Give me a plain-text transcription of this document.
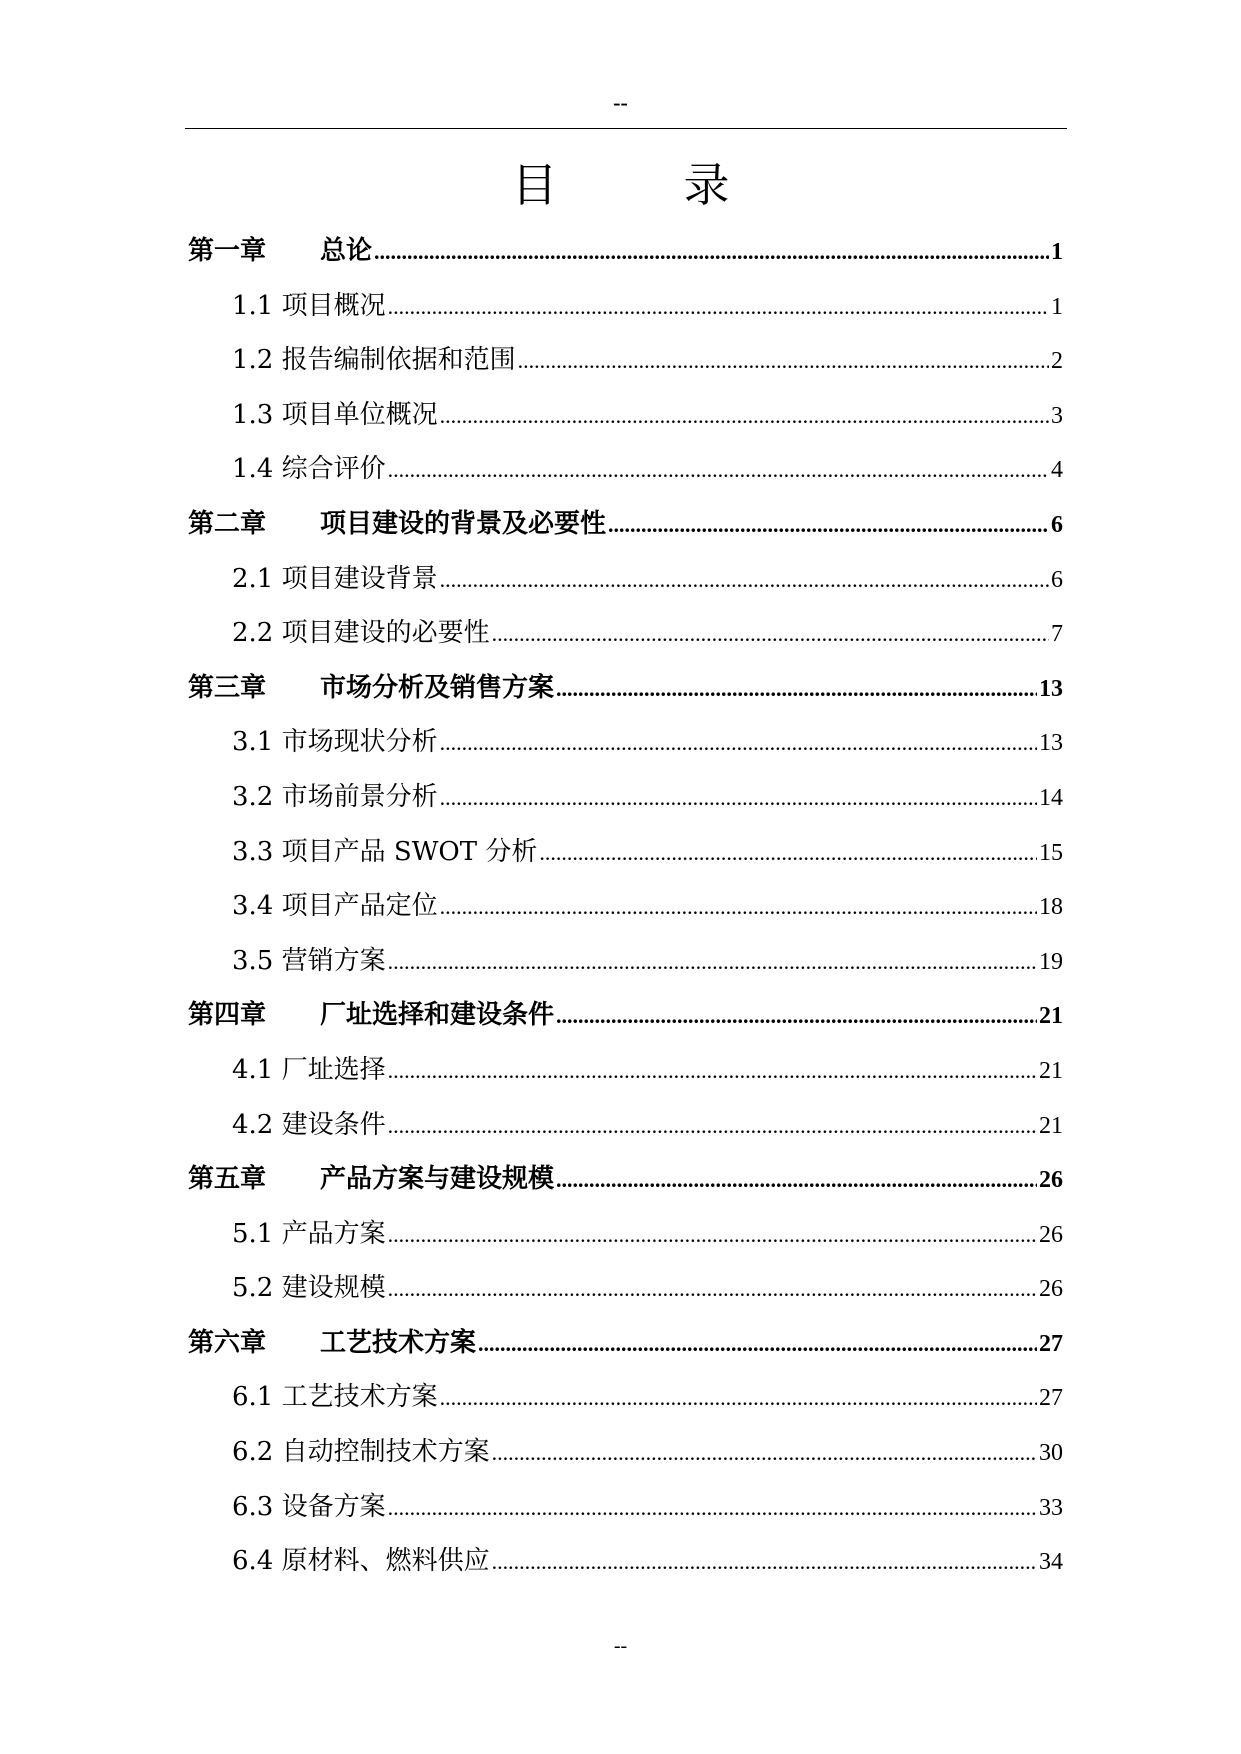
--
目　录
第一章	总论 .....	1
1.1 项目概况 .....	1
1.2 报告编制依据和范围 .....	2
1.3 项目单位概况 .....	3
1.4 综合评价 .....	4
第二章	项目建设的背景及必要性 .....	6
2.1 项目建设背景 .....	6
2.2 项目建设的必要性 .....	7
第三章	市场分析及销售方案 .....	13
3.1 市场现状分析 .....	13
3.2 市场前景分析 .....	14
3.3 项目产品 SWOT 分析 .....	15
3.4 项目产品定位 .....	18
3.5 营销方案 .....	19
第四章	厂址选择和建设条件 .....	21
4.1 厂址选择 .....	21
4.2 建设条件 .....	21
第五章	产品方案与建设规模 .....	26
5.1 产品方案 .....	26
5.2 建设规模 .....	26
第六章	工艺技术方案 .....	27
6.1 工艺技术方案 .....	27
6.2 自动控制技术方案 .....	30
6.3 设备方案 .....	33
6.4 原材料、燃料供应 .....	34
--
